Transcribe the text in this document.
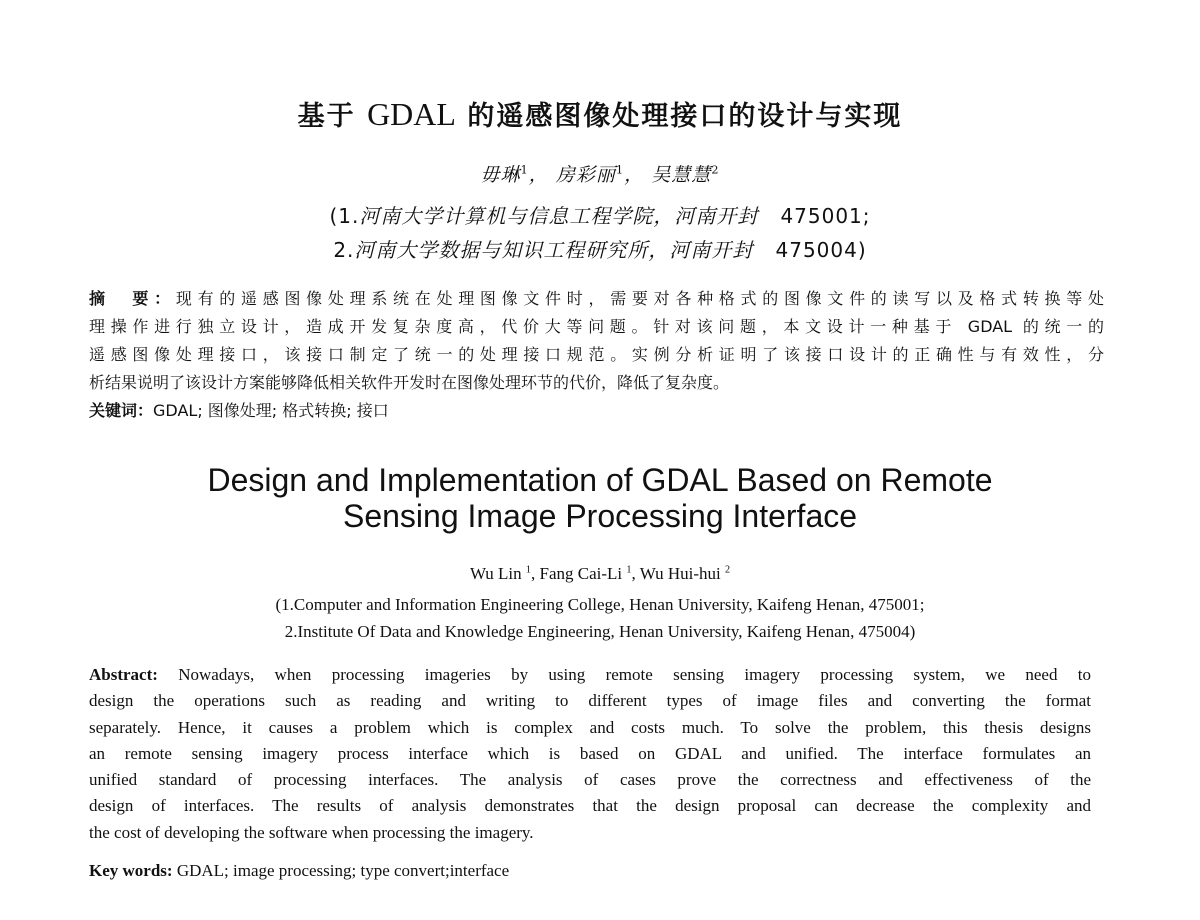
基于 GDAL 的遥感图像处理接口的设计与实现
毋琳$^1$， 房彩丽$^1$， 吴慧慧$^2$
(1.河南大学计算机与信息工程学院，河南开封 475001;
2.河南大学数据与知识工程研究所，河南开封 475004)
摘　要：现有的遥感图像处理系统在处理图像文件时，需要对各种格式的图像文件的读写以及格式转换等处
理操作进行独立设计，造成开发复杂度高，代价大等问题。针对该问题，本文设计一种基于 GDAL 的统一的
遥感图像处理接口，该接口制定了统一的处理接口规范。实例分析证明了该接口设计的正确性与有效性，分
析结果说明了该设计方案能够降低相关软件开发时在图像处理环节的代价，降低了复杂度。
关键词：GDAL; 图像处理; 格式转换; 接口
Design and Implementation of GDAL Based on Remote
Sensing Image Processing Interface
Wu Lin $^1$, Fang Cai-Li $^1$, Wu Hui-hui $^2$
(1.Computer and Information Engineering College, Henan University, Kaifeng Henan, 475001;
2.Institute Of Data and Knowledge Engineering, Henan University, Kaifeng Henan, 475004)
Abstract: Nowadays, when processing imageries by using remote sensing imagery processing system, we need to
design the operations such as reading and writing to different types of image files and converting the format
separately. Hence, it causes a problem which is complex and costs much. To solve the problem, this thesis designs
an remote sensing imagery process interface which is based on GDAL and unified. The interface formulates an
unified standard of processing interfaces. The analysis of cases prove the correctness and effectiveness of the
design of interfaces. The results of analysis demonstrates that the design proposal can decrease the complexity and
the cost of developing the software when processing the imagery.
Key words: GDAL; image processing; type convert;interface
